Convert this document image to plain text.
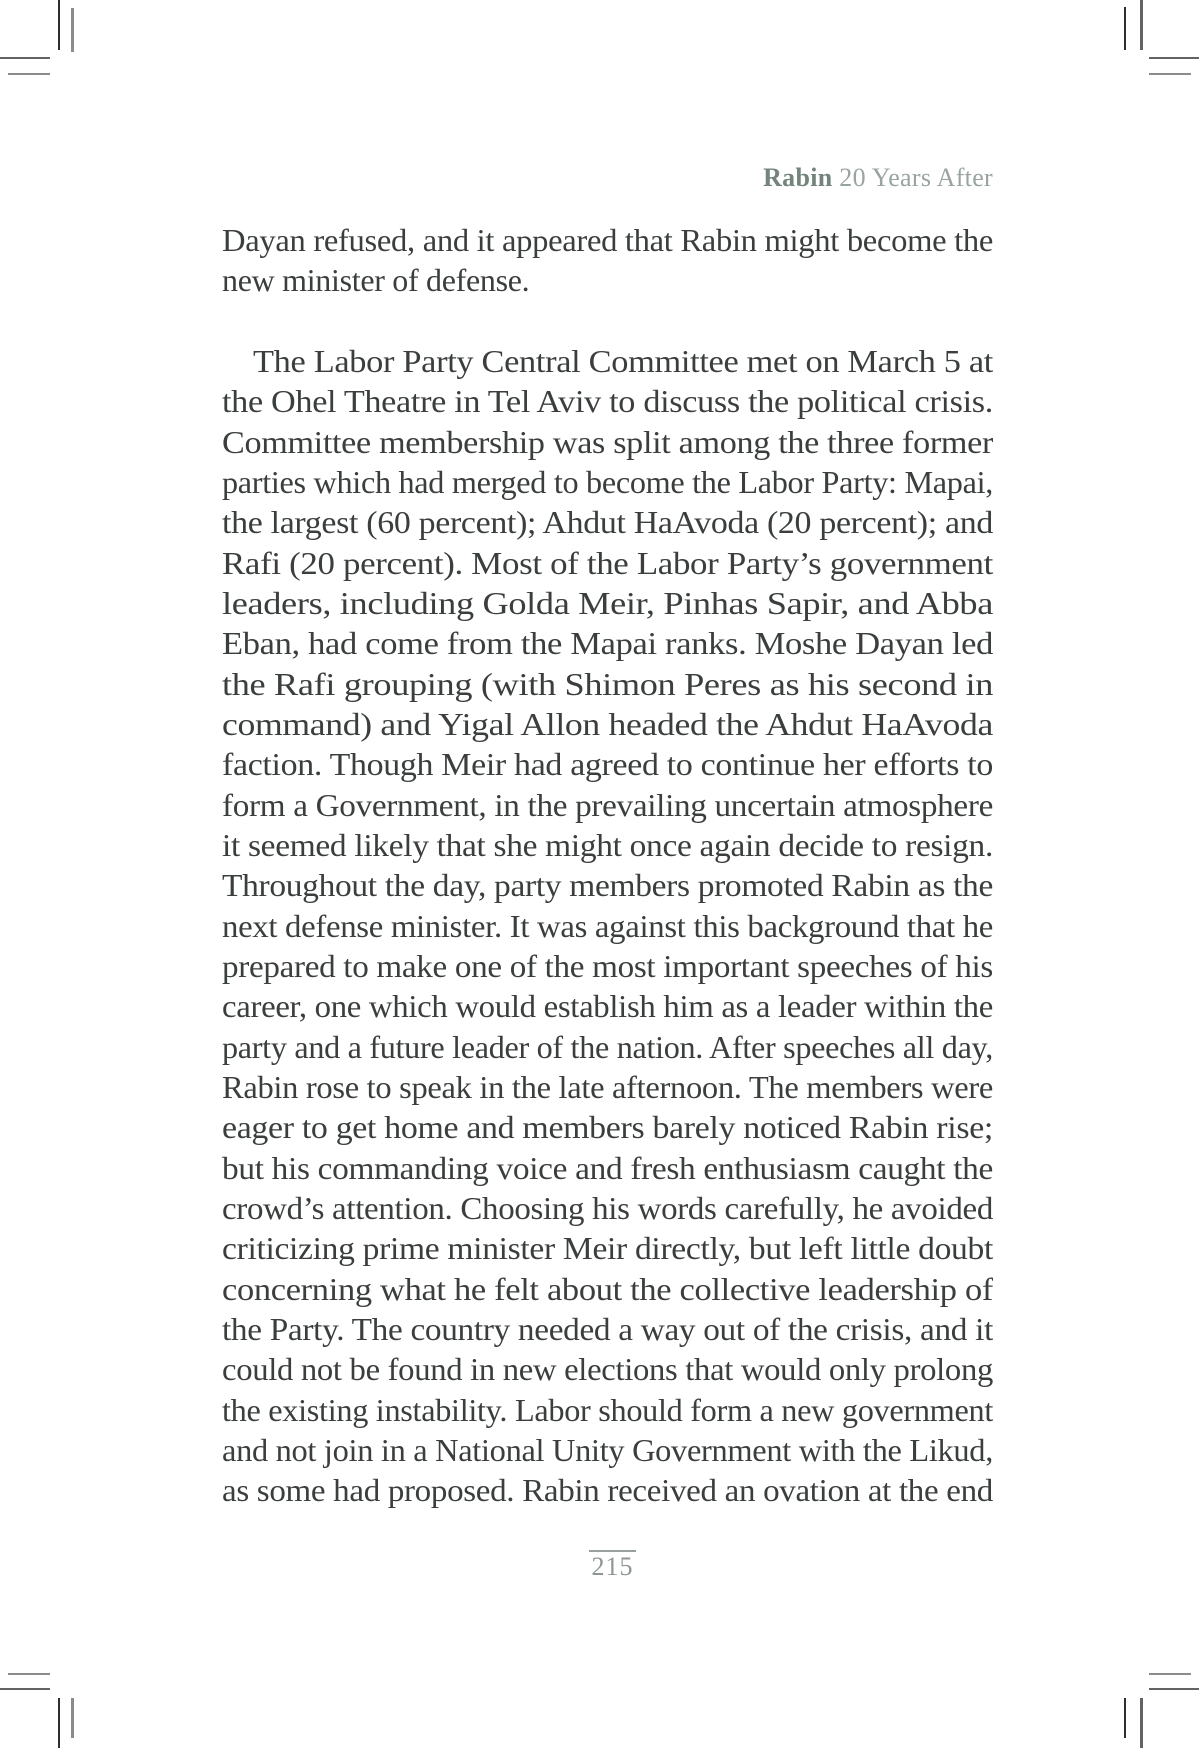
Rabin 20 Years After
Dayan refused, and it appeared that Rabin might become the
new minister of defense.
The Labor Party Central Committee met on March 5 at
the Ohel Theatre in Tel Aviv to discuss the political crisis.
Committee membership was split among the three former
parties which had merged to become the Labor Party: Mapai,
the largest (60 percent); Ahdut HaAvoda (20 percent); and
Rafi (20 percent). Most of the Labor Party’s government
leaders, including Golda Meir, Pinhas Sapir, and Abba
Eban, had come from the Mapai ranks. Moshe Dayan led
the Rafi grouping (with Shimon Peres as his second in
command) and Yigal Allon headed the Ahdut HaAvoda
faction. Though Meir had agreed to continue her efforts to
form a Government, in the prevailing uncertain atmosphere
it seemed likely that she might once again decide to resign.
Throughout the day, party members promoted Rabin as the
next defense minister. It was against this background that he
prepared to make one of the most important speeches of his
career, one which would establish him as a leader within the
party and a future leader of the nation. After speeches all day,
Rabin rose to speak in the late afternoon. The members were
eager to get home and members barely noticed Rabin rise;
but his commanding voice and fresh enthusiasm caught the
crowd’s attention. Choosing his words carefully, he avoided
criticizing prime minister Meir directly, but left little doubt
concerning what he felt about the collective leadership of
the Party. The country needed a way out of the crisis, and it
could not be found in new elections that would only prolong
the existing instability. Labor should form a new government
and not join in a National Unity Government with the Likud,
as some had proposed. Rabin received an ovation at the end
215
